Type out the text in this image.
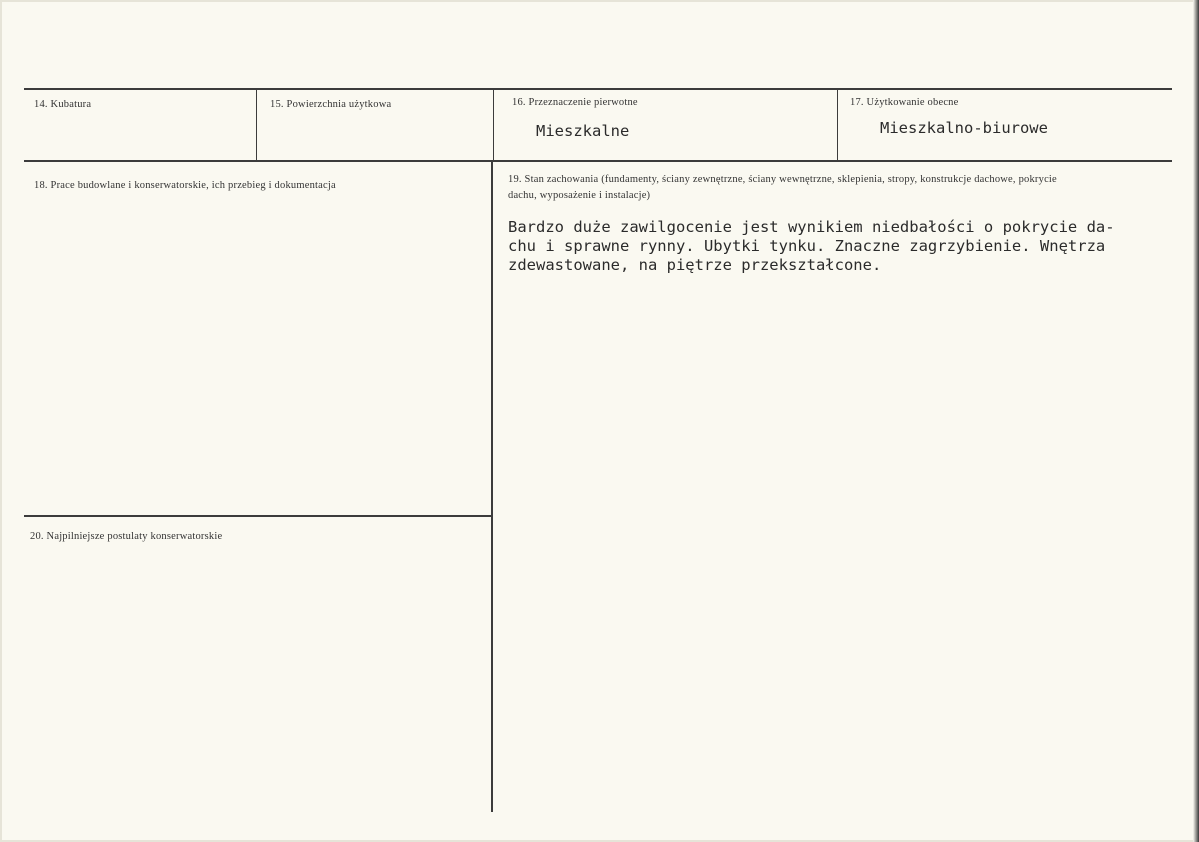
14. Kubatura	15. Powierzchnia użytkowa	16. Przeznaczenie pierwotne
Mieszkalne
17. Użytkowanie obecne
Mieszkalno-biurowe
18. Prace budowlane i konserwatorskie, ich przebieg i dokumentacja
19. Stan zachowania (fundamenty, ściany zewnętrzne, ściany wewnętrzne, sklepienia, stropy, konstrukcje dachowe, pokrycie dachu, wyposażenie i instalacje)
Bardzo duże zawilgocenie jest wynikiem niedbałości o pokrycie da-
chu i sprawne rynny. Ubytki tynku. Znaczne zagrzybienie. Wnętrza
zdewastowane, na piętrze przekształcone.
20. Najpilniejsze postulaty konserwatorskie
